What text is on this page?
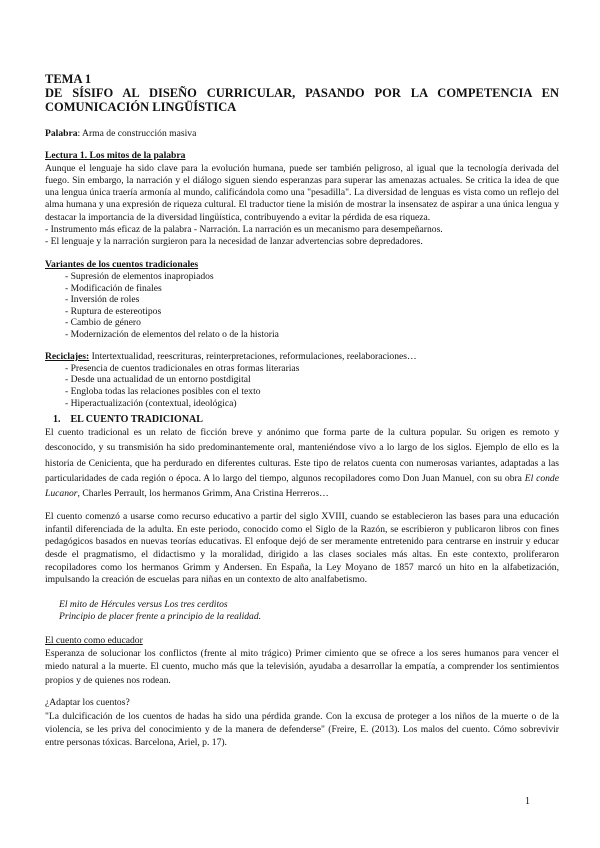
TEMA 1

DE SÍSIFO AL DISEÑO CURRICULAR, PASANDO POR LA COMPETENCIA EN

COMUNICACIÓN LINGÜÍSTICA

Palabra: Arma de construcción masiva

Lectura 1. Los mitos de la palabra

Aunque el lenguaje ha sido clave para la evolución humana, puede ser también peligroso, al igual que la tecnología derivada del fuego. Sin embargo, la narración y el diálogo siguen siendo esperanzas para superar las amenazas actuales. Se critica la idea de que una lengua única traería armonía al mundo, calificándola como una "pesadilla". La diversidad de lenguas es vista como un reflejo del alma humana y una expresión de riqueza cultural. El traductor tiene la misión de mostrar la insensatez de aspirar a una única lengua y destacar la importancia de la diversidad lingüística, contribuyendo a evitar la pérdida de esa riqueza.

- Instrumento más eficaz de la palabra - Narración. La narración es un mecanismo para desempeñarnos.

- El lenguaje y la narración surgieron para la necesidad de lanzar advertencias sobre depredadores.

Variantes de los cuentos tradicionales

- Supresión de elementos inapropiados
- Modificación de finales
- Inversión de roles
- Ruptura de estereotipos
- Cambio de género
- Modernización de elementos del relato o de la historia

Reciclajes: Intertextualidad, reescrituras, reinterpretaciones, reformulaciones, reelaboraciones…

- Presencia de cuentos tradicionales en otras formas literarias
- Desde una actualidad de un entorno postdigital
- Engloba todas las relaciones posibles con el texto
- Hiperactualización (contextual, ideológica)

1. EL CUENTO TRADICIONAL

El cuento tradicional es un relato de ficción breve y anónimo que forma parte de la cultura popular. Su origen es remoto y desconocido, y su transmisión ha sido predominantemente oral, manteniéndose vivo a lo largo de los siglos. Ejemplo de ello es la historia de Cenicienta, que ha perdurado en diferentes culturas. Este tipo de relatos cuenta con numerosas variantes, adaptadas a las particularidades de cada región o época. A lo largo del tiempo, algunos recopiladores como Don Juan Manuel, con su obra El conde Lucanor, Charles Perrault, los hermanos Grimm, Ana Cristina Herreros…

El cuento comenzó a usarse como recurso educativo a partir del siglo XVIII, cuando se establecieron las bases para una educación infantil diferenciada de la adulta. En este periodo, conocido como el Siglo de la Razón, se escribieron y publicaron libros con fines pedagógicos basados en nuevas teorías educativas. El enfoque dejó de ser meramente entretenido para centrarse en instruir y educar desde el pragmatismo, el didactismo y la moralidad, dirigido a las clases sociales más altas. En este contexto, proliferaron recopiladores como los hermanos Grimm y Andersen. En España, la Ley Moyano de 1857 marcó un hito en la alfabetización, impulsando la creación de escuelas para niñas en un contexto de alto analfabetismo.

El mito de Hércules versus Los tres cerditos

Principio de placer frente a principio de la realidad.

El cuento como educador

Esperanza de solucionar los conflictos (frente al mito trágico) Primer cimiento que se ofrece a los seres humanos para vencer el miedo natural a la muerte. El cuento, mucho más que la televisión, ayudaba a desarrollar la empatía, a comprender los sentimientos propios y de quienes nos rodean.

¿Adaptar los cuentos?

"La dulcificación de los cuentos de hadas ha sido una pérdida grande. Con la excusa de proteger a los niños de la muerte o de la violencia, se les priva del conocimiento y de la manera de defenderse" (Freire, E. (2013). Los malos del cuento. Cómo sobrevivir entre personas tóxicas. Barcelona, Ariel, p. 17).

1
